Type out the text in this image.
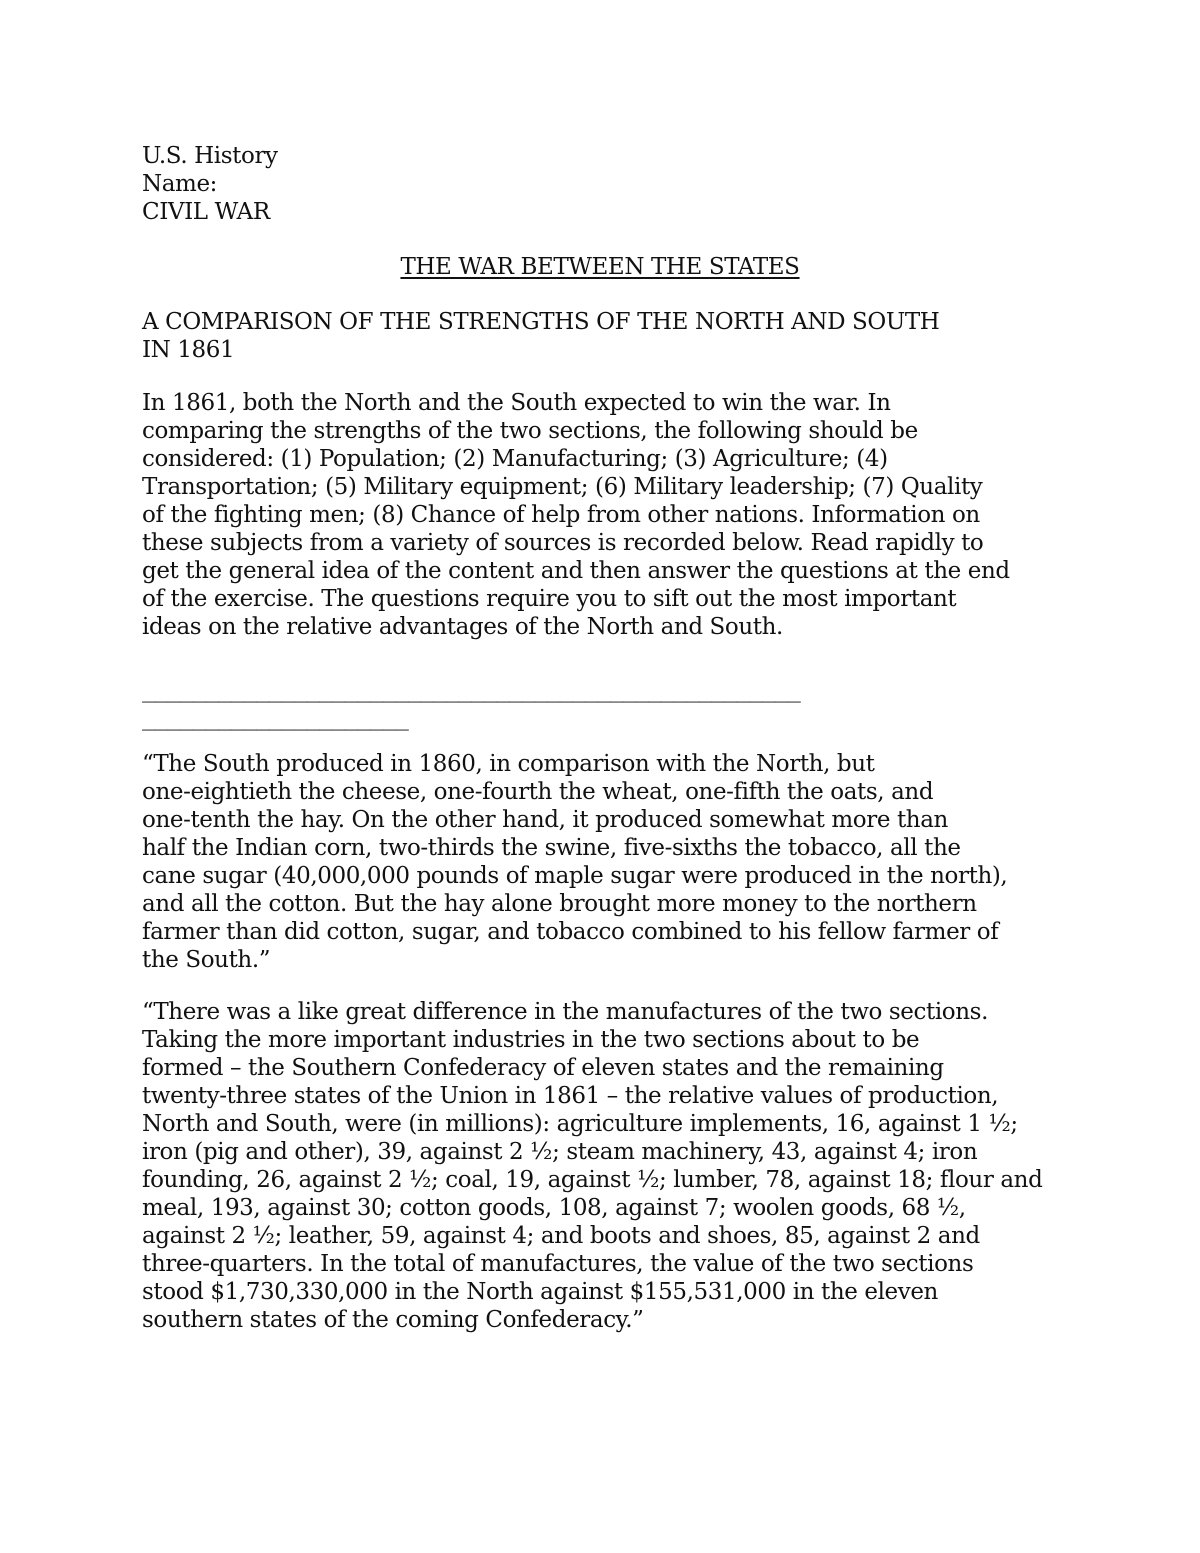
U.S. History
Name:
CIVIL WAR
THE WAR BETWEEN THE STATES
A COMPARISON OF THE STRENGTHS OF THE NORTH AND SOUTH
IN 1861
In 1861, both the North and the South expected to win the war. In
comparing the strengths of the two sections, the following should be
considered: (1) Population; (2) Manufacturing; (3) Agriculture; (4)
Transportation; (5) Military equipment; (6) Military leadership; (7) Quality
of the fighting men; (8) Chance of help from other nations. Information on
these subjects from a variety of sources is recorded below. Read rapidly to
get the general idea of the content and then answer the questions at the end
of the exercise. The questions require you to sift out the most important
ideas on the relative advantages of the North and South.
____________________________________________________
_____________________
“The South produced in 1860, in comparison with the North, but
one-eightieth the cheese, one-fourth the wheat, one-fifth the oats, and
one-tenth the hay. On the other hand, it produced somewhat more than
half the Indian corn, two-thirds the swine, five-sixths the tobacco, all the
cane sugar (40,000,000 pounds of maple sugar were produced in the north),
and all the cotton. But the hay alone brought more money to the northern
farmer than did cotton, sugar, and tobacco combined to his fellow farmer of
the South.”
“There was a like great difference in the manufactures of the two sections.
Taking the more important industries in the two sections about to be
formed – the Southern Confederacy of eleven states and the remaining
twenty-three states of the Union in 1861 – the relative values of production,
North and South, were (in millions): agriculture implements, 16, against 1 ½;
iron (pig and other), 39, against 2 ½; steam machinery, 43, against 4; iron
founding, 26, against 2 ½; coal, 19, against ½; lumber, 78, against 18; flour and
meal, 193, against 30; cotton goods, 108, against 7; woolen goods, 68 ½,
against 2 ½; leather, 59, against 4; and boots and shoes, 85, against 2 and
three-quarters. In the total of manufactures, the value of the two sections
stood $1,730,330,000 in the North against $155,531,000 in the eleven
southern states of the coming Confederacy.”
